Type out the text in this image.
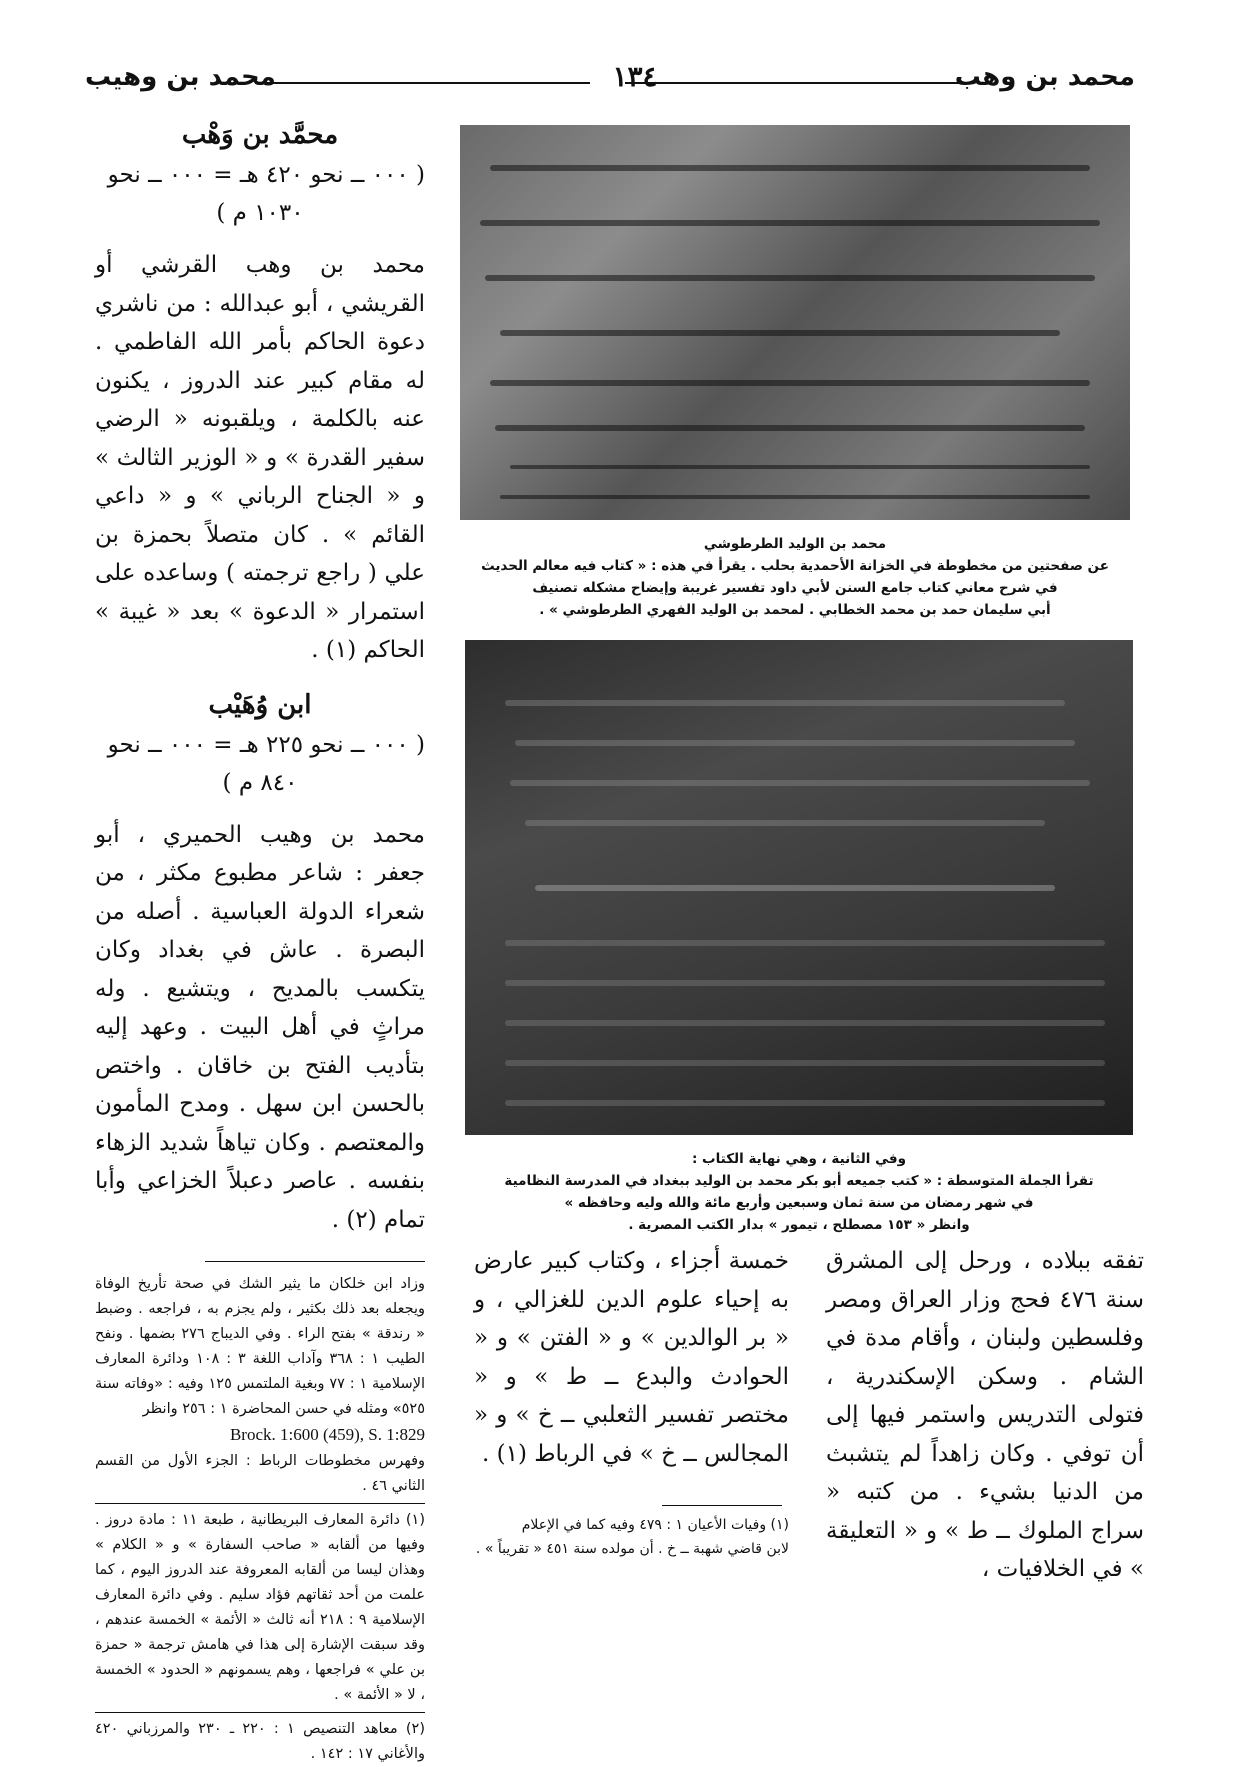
محمد بن وهب
١٣٤
محمد بن وهيب
محمَّد بن وَهْب
( ٠٠٠ ــ نحو ٤٢٠ هـ = ٠٠٠ ــ نحو
١٠٣٠ م )
محمد بن وهب القرشي أو القريشي ، أبو عبدالله : من ناشري دعوة الحاكم بأمر الله الفاطمي . له مقام كبير عند الدروز ، يكنون عنه بالكلمة ، ويلقبونه « الرضي سفير القدرة » و « الوزير الثالث » و « الجناح الرباني » و « داعي القائم » . كان متصلاً بحمزة بن علي ( راجع ترجمته ) وساعده على استمرار « الدعوة » بعد « غيبة » الحاكم (١) .
ابن وُهَيْب
( ٠٠٠ ــ نحو ٢٢٥ هـ = ٠٠٠ ــ نحو
٨٤٠ م )
محمد بن وهيب الحميري ، أبو جعفر : شاعر مطبوع مكثر ، من شعراء الدولة العباسية . أصله من البصرة . عاش في بغداد وكان يتكسب بالمديح ، ويتشيع . وله مراثٍ في أهل البيت . وعهد إليه بتأديب الفتح بن خاقان . واختص بالحسن ابن سهل . ومدح المأمون والمعتصم . وكان تياهاً شديد الزهاء بنفسه . عاصر دعبلاً الخزاعي وأبا تمام (٢) .

وزاد ابن خلكان ما يثير الشك في صحة تأريخ الوفاة ويجعله بعد ذلك بكثير ، ولم يجزم به ، فراجعه . وضبط « رندقة » بفتح الراء . وفي الديباج ٢٧٦ بضمها . ونفح الطيب ١ : ٣٦٨ وآداب اللغة ٣ : ١٠٨ ودائرة المعارف الإسلامية ١ : ٧٧ وبغية الملتمس ١٢٥ وفيه : «وفاته سنة ٥٢٥» ومثله في حسن المحاضرة ١ : ٢٥٦ وانظر

Brock. 1:600 (459), S. 1:829

وفهرس مخطوطات الرباط : الجزء الأول من القسم الثاني ٤٦ .

(١) دائرة المعارف البريطانية ، طبعة ١١ : مادة دروز . وفيها من ألقابه « صاحب السفارة » و « الكلام » وهذان ليسا من ألقابه المعروفة عند الدروز اليوم ، كما علمت من أحد ثقاتهم فؤاد سليم . وفي دائرة المعارف الإسلامية ٩ : ٢١٨ أنه ثالث « الأئمة » الخمسة عندهم ، وقد سبقت الإشارة إلى هذا في هامش ترجمة « حمزة بن علي » فراجعها ، وهم يسمونهم « الحدود » الخمسة ، لا « الأئمة » .

(٢) معاهد التنصيص ١ : ٢٢٠ ـ ٢٣٠ والمرزباني ٤٢٠ والأغاني ١٧ : ١٤٢ .

محمد بن الوليد الطرطوشي
عن صفحتين من مخطوطة في الخزانة الأحمدية بحلب . يقرأ في هذه : « كتاب فيه معالم الحديث
في شرح معاني كتاب جامع السنن لأبي داود تفسير غريبة وإيضاح مشكله تصنيف
أبي سليمان حمد بن محمد الخطابي . لمحمد بن الوليد الفهري الطرطوشي » .
وفي الثانية ، وهي نهاية الكتاب :
تقرأ الجملة المتوسطة : « كتب جميعه أبو بكر محمد بن الوليد ببغداد في المدرسة النظامية
في شهر رمضان من سنة ثمان وسبعين وأربع مائة والله وليه وحافظه »
وانظر « ١٥٣ مصطلح ، تيمور » بدار الكتب المصرية .
تفقه ببلاده ، ورحل إلى المشرق سنة ٤٧٦ فحج وزار العراق ومصر وفلسطين ولبنان ، وأقام مدة في الشام . وسكن الإسكندرية ، فتولى التدريس واستمر فيها إلى أن توفي . وكان زاهداً لم يتشبث من الدنيا بشيء . من كتبه « سراج الملوك ــ ط » و « التعليقة » في الخلافيات ،
خمسة أجزاء ، وكتاب كبير عارض به إحياء علوم الدين للغزالي ، و « بر الوالدين » و « الفتن » و « الحوادث والبدع ــ ط » و « مختصر تفسير الثعلبي ــ خ » و « المجالس ــ خ » في الرباط (١) .
(١) وفيات الأعيان ١ : ٤٧٩ وفيه كما في الإعلام
لابن قاضي شهبة ــ خ . أن مولده سنة ٤٥١ « تقريباً » .
